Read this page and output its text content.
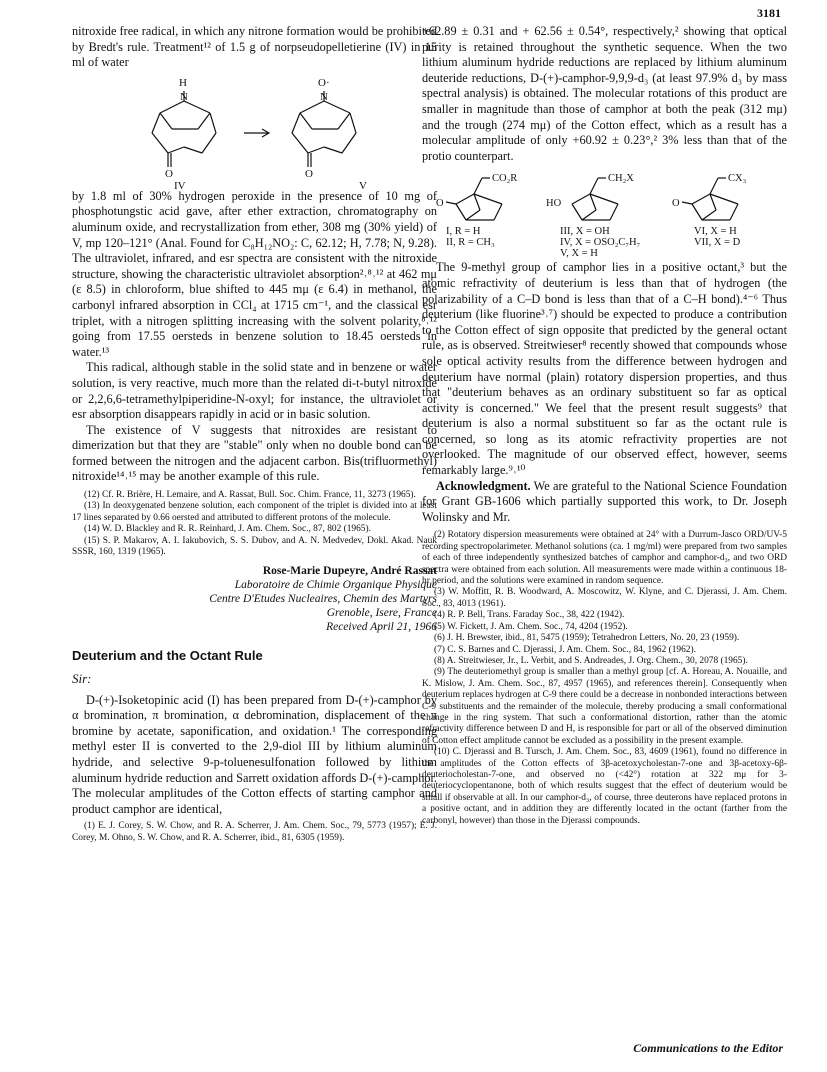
3181

nitroxide free radical, in which any nitrone formation would be prohibited by Bredt's rule. Treatment¹² of 1.5 g of norpseudopelletierine (IV) in 15 ml of water

H
N
O
IV
O·
N
O
V

by 1.8 ml of 30% hydrogen peroxide in the presence of 10 mg of phosphotungstic acid gave, after ether extraction, chromatography on aluminum oxide, and recrystallization from ether, 308 mg (30% yield) of V, mp 120–121° (Anal. Found for C₈H₁₂NO₂: C, 62.12; H, 7.78; N, 9.28). The ultraviolet, infrared, and esr spectra are consistent with the nitroxide structure, showing the characteristic ultraviolet absorption²˒⁸˒¹² at 462 mμ (ε 8.5) in chloroform, blue shifted to 445 mμ (ε 6.4) in methanol, the carbonyl infrared absorption in CCl₄ at 1715 cm⁻¹, and the classical esr triplet, with a nitrogen splitting increasing with the solvent polarity,⁸˒¹² going from 17.55 oersteds in benzene solution to 18.45 oersteds in water.¹³

This radical, although stable in the solid state and in benzene or water solution, is very reactive, much more than the related di-t-butyl nitroxide or 2,2,6,6-tetramethylpiperidine-N-oxyl; for instance, the ultraviolet or esr absorption disappears rapidly in acid or in basic solution.

The existence of V suggests that nitroxides are resistant to dimerization but that they are "stable" only when no double bond can be formed between the nitrogen and the adjacent carbon. Bis(trifluormethyl) nitroxide¹⁴˒¹⁵ may be another example of this rule.

(12) Cf. R. Brière, H. Lemaire, and A. Rassat, Bull. Soc. Chim. France, 11, 3273 (1965).

(13) In deoxygenated benzene solution, each component of the triplet is divided into at least 17 lines separated by 0.66 oersted and attributed to different protons of the molecule.

(14) W. D. Blackley and R. R. Reinhard, J. Am. Chem. Soc., 87, 802 (1965).

(15) S. P. Makarov, A. I. Iakubovich, S. S. Dubov, and A. N. Medvedev, Dokl. Akad. Nauk SSSR, 160, 1319 (1965).

Rose-Marie Dupeyre, André Rassat
Laboratoire de Chimie Organique Physique
Centre D'Etudes Nucleaires, Chemin des Martyrs
Grenoble, Isere, France
Received April 21, 1966
Deuterium and the Octant Rule
Sir:

D-(+)-Isoketopinic acid (I) has been prepared from D-(+)-camphor by α bromination, π bromination, α debromination, displacement of the π bromine by acetate, saponification, and oxidation.¹ The corresponding methyl ester II is converted to the 2,9-diol III by lithium aluminum hydride, and selective 9-p-toluenesulfonation followed by lithium aluminum hydride reduction and Sarrett oxidation affords D-(+)-camphor. The molecular amplitudes of the Cotton effects of starting camphor and product camphor are identical,

(1) E. J. Corey, S. W. Chow, and R. A. Scherrer, J. Am. Chem. Soc., 79, 5773 (1957); E. J. Corey, M. Ohno, S. W. Chow, and R. A. Scherrer, ibid., 81, 6305 (1959).

+62.89 ± 0.31 and + 62.56 ± 0.54°, respectively,² showing that optical purity is retained throughout the synthetic sequence. When the two lithium aluminum hydride reductions are replaced by lithium aluminum deuteride reductions, D-(+)-camphor-9,9,9-d₃ (at least 97.9% d₃ by mass spectral analysis) is obtained. The molecular rotations of this product are smaller in magnitude than those of camphor at both the peak (312 mμ) and the trough (274 mμ) of the Cotton effect, which as a result has a molecular amplitude of only +60.92 ± 0.23°,² 3% less than that of the protio counterpart.

CO₂R
O
CH₂X
HO
CX₃
O
I, R = H
II, R = CH₃
III, X = OH
IV, X = OSO₂C₇H₇
V, X = H
VI, X = H
VII, X = D

The 9-methyl group of camphor lies in a positive octant,³ but the atomic refractivity of deuterium is less than that of hydrogen (the polarizability of a C–D bond is less than that of a C–H bond).⁴⁻⁶ Thus deuterium (like fluorine³˒⁷) should be expected to produce a contribution to the Cotton effect of sign opposite that predicted by the general octant rule, as is observed. Streitwieser⁸ recently showed that compounds whose sole optical activity results from the difference between hydrogen and deuterium have normal (plain) rotatory dispersion properties, and thus that "deuterium behaves as an ordinary substituent so far as optical activity is concerned." We feel that the present result suggests⁹ that deuterium is also a normal substituent so far as the octant rule is concerned, so long as its atomic refractivity properties are not overlooked. The magnitude of our observed effect, however, seems remarkably large.⁹˒¹⁰

Acknowledgment. We are grateful to the National Science Foundation for Grant GB-1606 which partially supported this work, to Dr. Joseph Wolinsky and Mr.

(2) Rotatory dispersion measurements were obtained at 24° with a Durrum-Jasco ORD/UV-5 recording spectropolarimeter. Methanol solutions (ca. 1 mg/ml) were prepared from two samples of each of three independently synthesized batches of camphor and camphor-d₃, and two ORD spectra were obtained from each solution. All measurements were made within a continuous 18-hr period, and the solutions were examined in random sequence.

(3) W. Moffitt, R. B. Woodward, A. Moscowitz, W. Klyne, and C. Djerassi, J. Am. Chem. Soc., 83, 4013 (1961).

(4) R. P. Bell, Trans. Faraday Soc., 38, 422 (1942).

(5) W. Fickett, J. Am. Chem. Soc., 74, 4204 (1952).

(6) J. H. Brewster, ibid., 81, 5475 (1959); Tetrahedron Letters, No. 20, 23 (1959).

(7) C. S. Barnes and C. Djerassi, J. Am. Chem. Soc., 84, 1962 (1962).

(8) A. Streitwieser, Jr., L. Verbit, and S. Andreades, J. Org. Chem., 30, 2078 (1965).

(9) The deuteriomethyl group is smaller than a methyl group [cf. A. Horeau, A. Nouaille, and K. Mislow, J. Am. Chem. Soc., 87, 4957 (1965), and references therein]. Consequently when deuterium replaces hydrogen at C-9 there could be a decrease in nonbonded interactions between C-9 substituents and the remainder of the molecule, thereby producing a small conformational change in the ring system. That such a conformational distortion, rather than the atomic refractivity difference between D and H, is responsible for part or all of the observed diminution of Cotton effect amplitude cannot be excluded as a possibility in the present example.

(10) C. Djerassi and B. Tursch, J. Am. Chem. Soc., 83, 4609 (1961), found no difference in the amplitudes of the Cotton effects of 3β-acetoxycholestan-7-one and 3β-acetoxy-6β-deuteriocholestan-7-one, and observed no (<42°) rotation at 322 mμ for 3-deuteriocyclopentanone, both of which results suggest that the effect of deuterium would be small if observable at all. In our camphor-d₃, of course, three deuterons have replaced protons in a positive octant, and in addition they are differently located in the octant (farther from the carbonyl, however) than those in the Djerassi compounds.

Communications to the Editor
